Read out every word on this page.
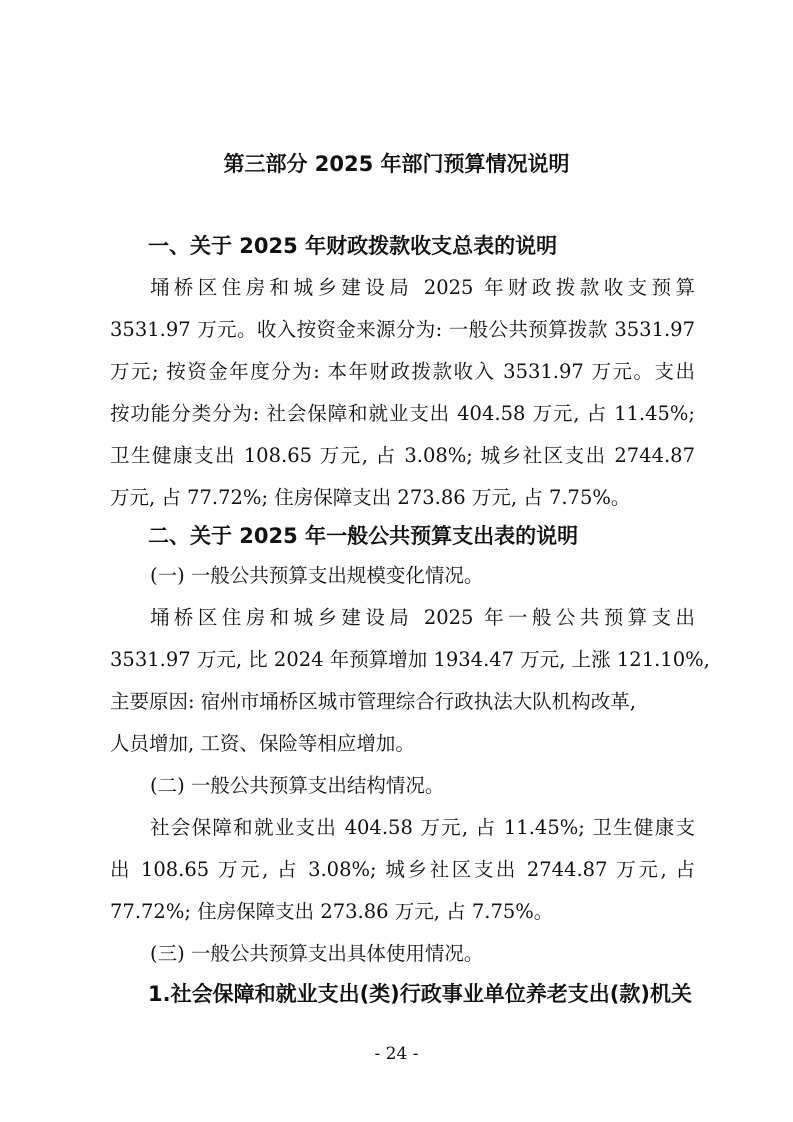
第三部分 2025 年部门预算情况说明
一、关于 2025 年财政拨款收支总表的说明
埇桥区住房和城乡建设局 2025 年财政拨款收支预算
3531.97 万元。收入按资金来源分为: 一般公共预算拨款 3531.97
万元; 按资金年度分为: 本年财政拨款收入 3531.97 万元。支出
按功能分类分为: 社会保障和就业支出 404.58 万元, 占 11.45%;
卫生健康支出 108.65 万元, 占 3.08%; 城乡社区支出 2744.87
万元, 占 77.72%; 住房保障支出 273.86 万元, 占 7.75%。
二、关于 2025 年一般公共预算支出表的说明
(一) 一般公共预算支出规模变化情况。
埇桥区住房和城乡建设局 2025 年一般公共预算支出
3531.97 万元, 比 2024 年预算增加 1934.47 万元, 上涨 121.10%,
主要原因: 宿州市埇桥区城市管理综合行政执法大队机构改革,
人员增加, 工资、保险等相应增加。
(二) 一般公共预算支出结构情况。
社会保障和就业支出 404.58 万元, 占 11.45%; 卫生健康支
出 108.65 万元, 占 3.08%; 城乡社区支出 2744.87 万元, 占
77.72%; 住房保障支出 273.86 万元, 占 7.75%。
(三) 一般公共预算支出具体使用情况。
1.社会保障和就业支出(类)行政事业单位养老支出(款)机关
- 24 -
